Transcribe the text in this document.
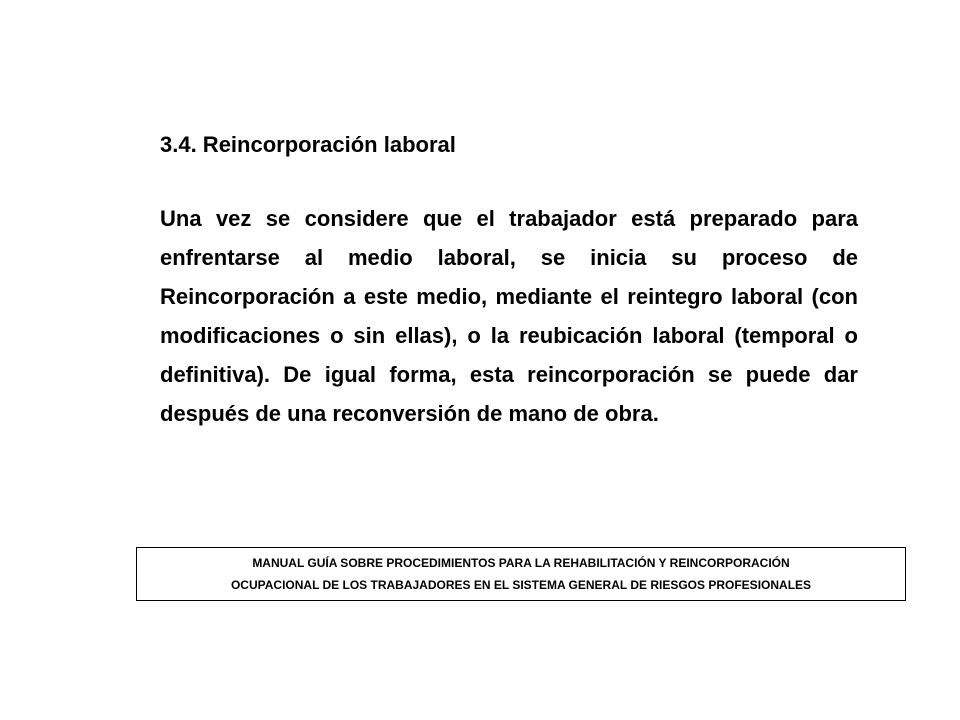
3.4. Reincorporación laboral

Una vez se considere que el trabajador está preparado para enfrentarse al medio laboral, se inicia su proceso de Reincorporación a este medio, mediante el reintegro laboral (con modificaciones o sin ellas), o la reubicación laboral (temporal o definitiva). De igual forma, esta reincorporación se puede dar después de una reconversión de mano de obra.

MANUAL GUÍA SOBRE PROCEDIMIENTOS PARA LA REHABILITACIÓN Y REINCORPORACIÓN
OCUPACIONAL DE LOS TRABAJADORES EN EL SISTEMA GENERAL DE RIESGOS PROFESIONALES
